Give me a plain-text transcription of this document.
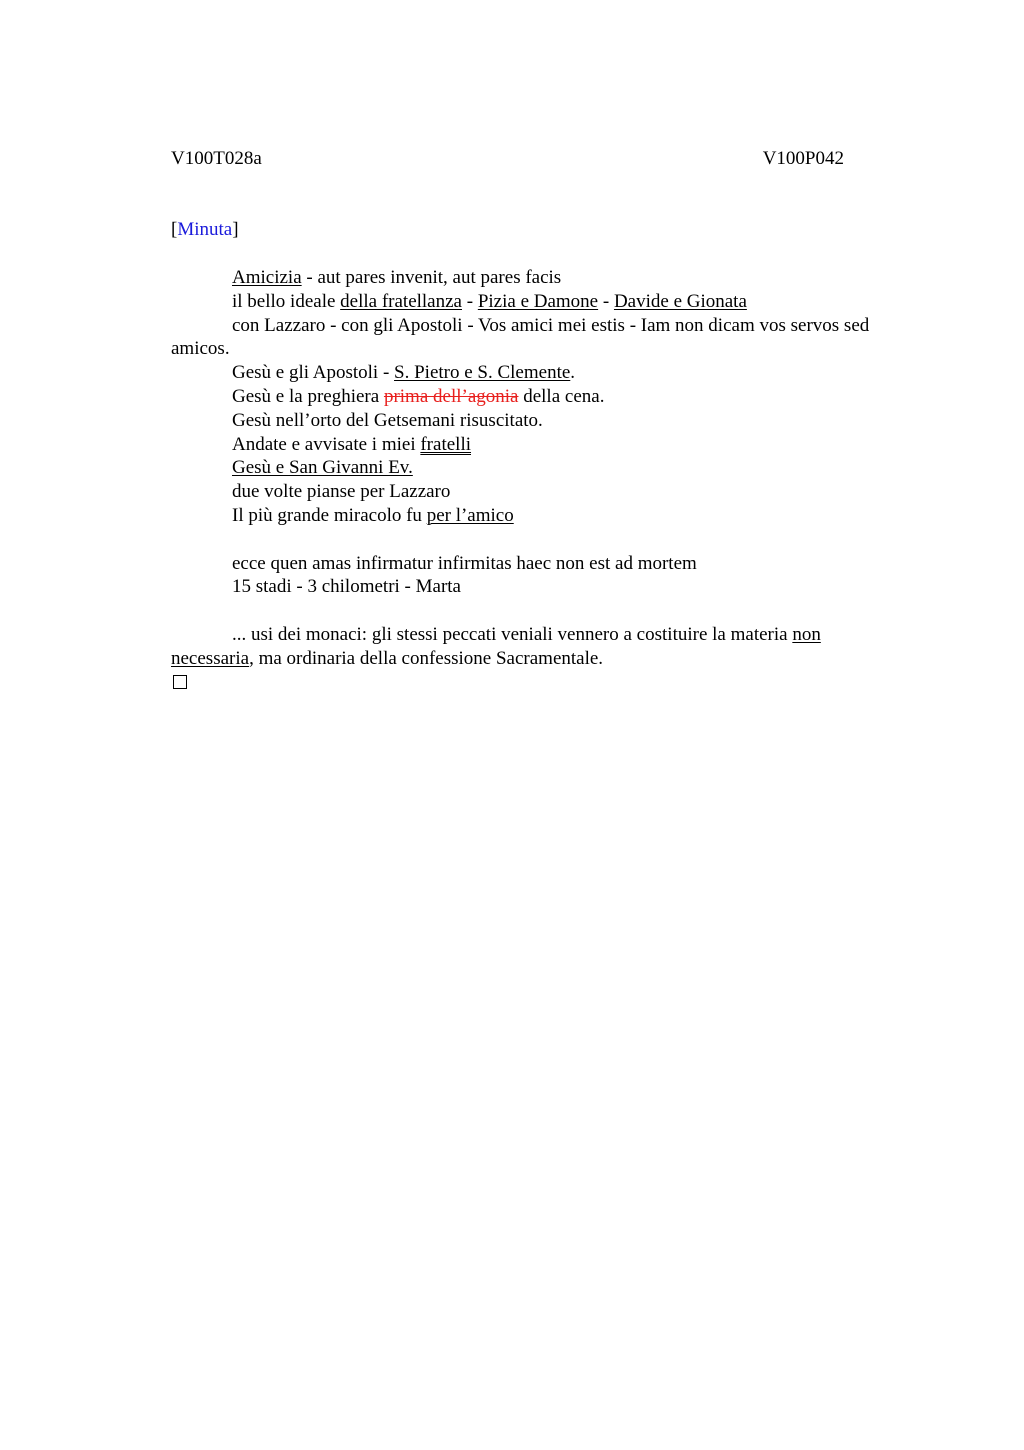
V100T028a	V100P042
[Minuta]

Amicizia - aut pares invenit, aut pares facis

il bello ideale della fratellanza - Pizia e Damone - Davide e Gionata

con Lazzaro - con gli Apostoli - Vos amici mei estis - Iam non dicam vos servos sed amicos.

Gesù e gli Apostoli - S. Pietro e S. Clemente.

Gesù e la preghiera prima dell’agonia della cena.

Gesù nell’orto del Getsemani risuscitato.

Andate e avvisate i miei fratelli

Gesù e San Givanni Ev.

due volte pianse per Lazzaro

Il più grande miracolo fu per l’amico

ecce quen amas infirmatur infirmitas haec non est ad mortem

15 stadi - 3 chilometri - Marta

... usi dei monaci: gli stessi peccati veniali vennero a costituire la materia non necessaria, ma ordinaria della confessione Sacramentale.
